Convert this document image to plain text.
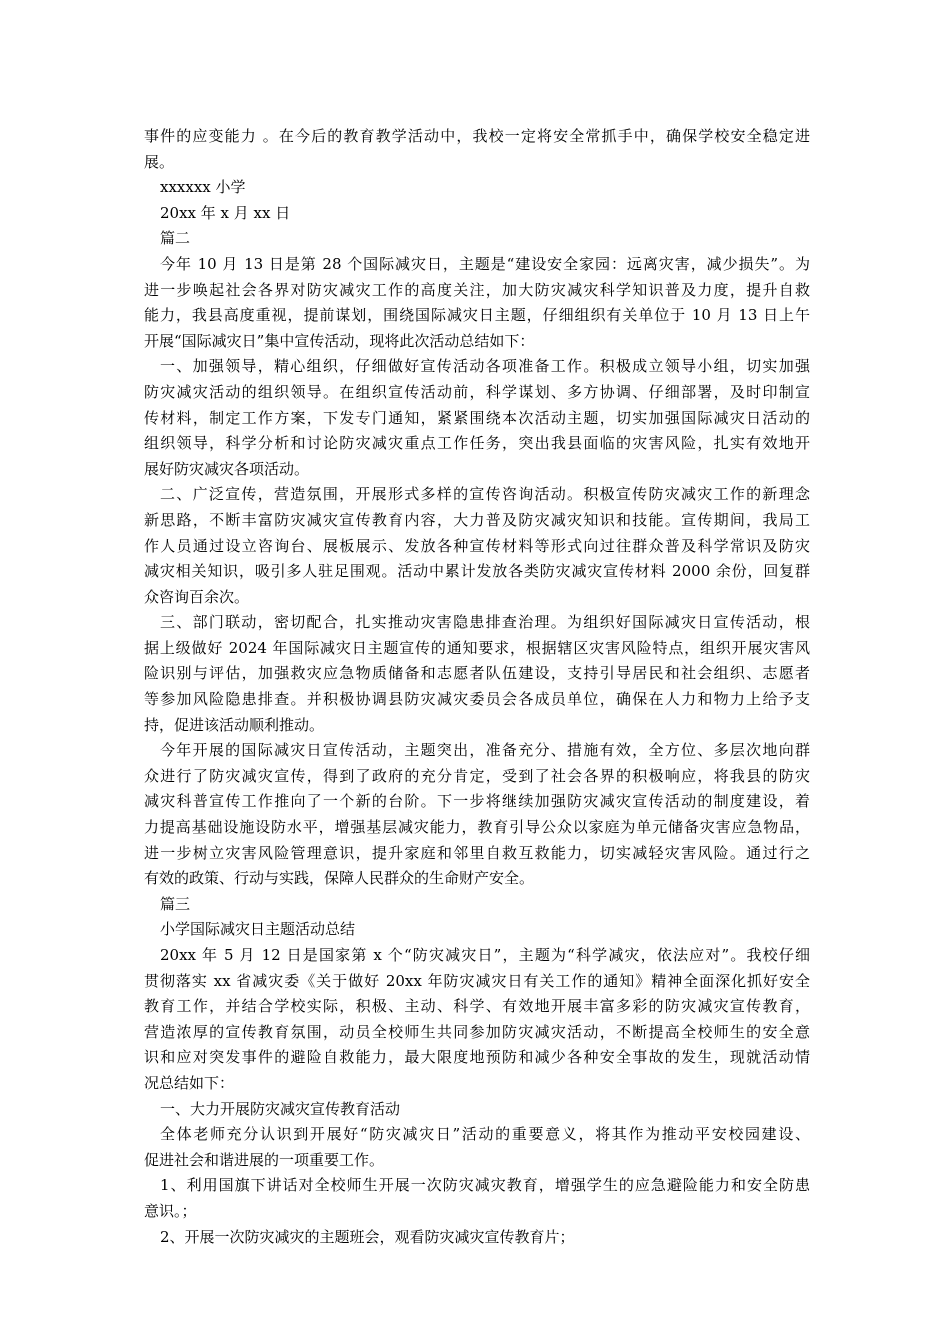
事件的应变能力 。在今后的教育教学活动中，我校一定将安全常抓手中，确保学校安全稳定进
展。
xxxxxx 小学
20xx 年 x 月 xx 日
篇二
今年 10 月 13 日是第 28 个国际减灾日，主题是“建设安全家园：远离灾害，减少损失”。为
进一步唤起社会各界对防灾减灾工作的高度关注，加大防灾减灾科学知识普及力度，提升自救
能力，我县高度重视，提前谋划，围绕国际减灾日主题，仔细组织有关单位于 10 月 13 日上午
开展“国际减灾日”集中宣传活动，现将此次活动总结如下：
一、加强领导，精心组织，仔细做好宣传活动各项准备工作。积极成立领导小组，切实加强
防灾减灾活动的组织领导。在组织宣传活动前，科学谋划、多方协调、仔细部署，及时印制宣
传材料，制定工作方案，下发专门通知，紧紧围绕本次活动主题，切实加强国际减灾日活动的
组织领导，科学分析和讨论防灾减灾重点工作任务，突出我县面临的灾害风险，扎实有效地开
展好防灾减灾各项活动。
二、广泛宣传，营造氛围，开展形式多样的宣传咨询活动。积极宣传防灾减灾工作的新理念
新思路，不断丰富防灾减灾宣传教育内容，大力普及防灾减灾知识和技能。宣传期间，我局工
作人员通过设立咨询台、展板展示、发放各种宣传材料等形式向过往群众普及科学常识及防灾
减灾相关知识，吸引多人驻足围观。活动中累计发放各类防灾减灾宣传材料 2000 余份，回复群
众咨询百余次。
三、部门联动，密切配合，扎实推动灾害隐患排查治理。为组织好国际减灾日宣传活动，根
据上级做好 2024 年国际减灾日主题宣传的通知要求，根据辖区灾害风险特点，组织开展灾害风
险识别与评估，加强救灾应急物质储备和志愿者队伍建设，支持引导居民和社会组织、志愿者
等参加风险隐患排查。并积极协调县防灾减灾委员会各成员单位，确保在人力和物力上给予支
持，促进该活动顺利推动。
今年开展的国际减灾日宣传活动，主题突出，准备充分、措施有效，全方位、多层次地向群
众进行了防灾减灾宣传，得到了政府的充分肯定，受到了社会各界的积极响应，将我县的防灾
减灾科普宣传工作推向了一个新的台阶。下一步将继续加强防灾减灾宣传活动的制度建设，着
力提高基础设施设防水平，增强基层减灾能力，教育引导公众以家庭为单元储备灾害应急物品，
进一步树立灾害风险管理意识，提升家庭和邻里自救互救能力，切实减轻灾害风险。通过行之
有效的政策、行动与实践，保障人民群众的生命财产安全。
篇三
小学国际减灾日主题活动总结
20xx 年 5 月 12 日是国家第 x 个“防灾减灾日”，主题为“科学减灾，依法应对”。我校仔细
贯彻落实 xx 省减灾委《关于做好 20xx 年防灾减灾日有关工作的通知》精神全面深化抓好安全
教育工作，并结合学校实际，积极、主动、科学、有效地开展丰富多彩的防灾减灾宣传教育，
营造浓厚的宣传教育氛围，动员全校师生共同参加防灾减灾活动，不断提高全校师生的安全意
识和应对突发事件的避险自救能力，最大限度地预防和减少各种安全事故的发生，现就活动情
况总结如下：
一、大力开展防灾减灾宣传教育活动
全体老师充分认识到开展好“防灾减灾日”活动的重要意义，将其作为推动平安校园建设、
促进社会和谐进展的一项重要工作。
1、利用国旗下讲话对全校师生开展一次防灾减灾教育，增强学生的应急避险能力和安全防患
意识。；
2、开展一次防灾减灾的主题班会，观看防灾减灾宣传教育片；
